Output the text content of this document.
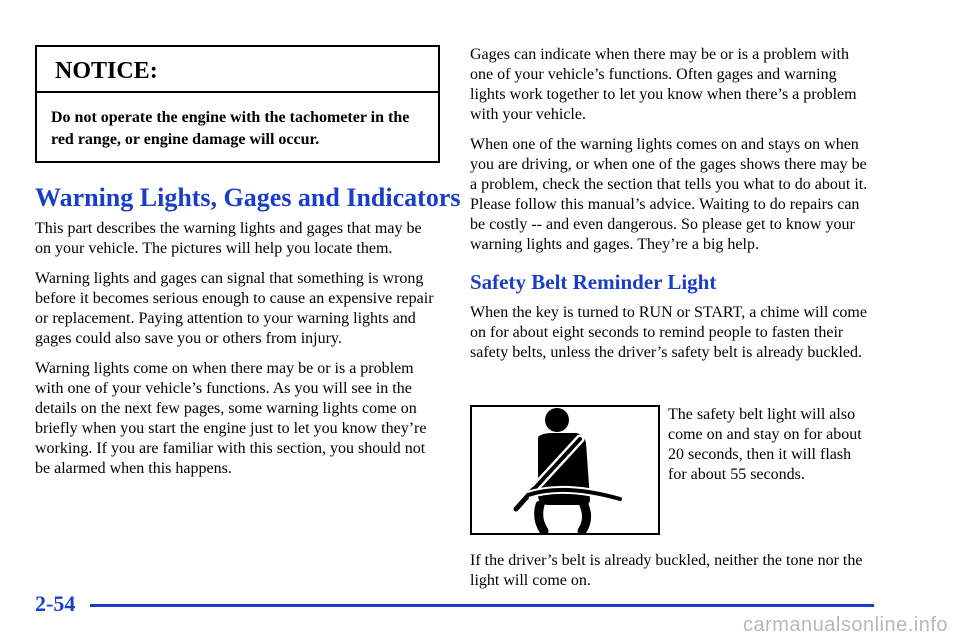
NOTICE:
Do not operate the engine with the tachometer in the red range, or engine damage will occur.
Warning Lights, Gages and Indicators

This part describes the warning lights and gages that may be on your vehicle. The pictures will help you locate them.

Warning lights and gages can signal that something is wrong before it becomes serious enough to cause an expensive repair or replacement. Paying attention to your warning lights and gages could also save you or others from injury.

Warning lights come on when there may be or is a problem with one of your vehicle’s functions. As you will see in the details on the next few pages, some warning lights come on briefly when you start the engine just to let you know they’re working. If you are familiar with this section, you should not be alarmed when this happens.

Gages can indicate when there may be or is a problem with one of your vehicle’s functions. Often gages and warning lights work together to let you know when there’s a problem with your vehicle.

When one of the warning lights comes on and stays on when you are driving, or when one of the gages shows there may be a problem, check the section that tells you what to do about it. Please follow this manual’s advice. Waiting to do repairs can be costly -- and even dangerous. So please get to know your warning lights and gages. They’re a big help.

Safety Belt Reminder Light

When the key is turned to RUN or START, a chime will come on for about eight seconds to remind people to fasten their safety belts, unless the driver’s safety belt is already buckled.

The safety belt light will also come on and stay on for about 20 seconds, then it will flash for about 55 seconds.

If the driver’s belt is already buckled, neither the tone nor the light will come on.

2-54
carmanualsonline.info
